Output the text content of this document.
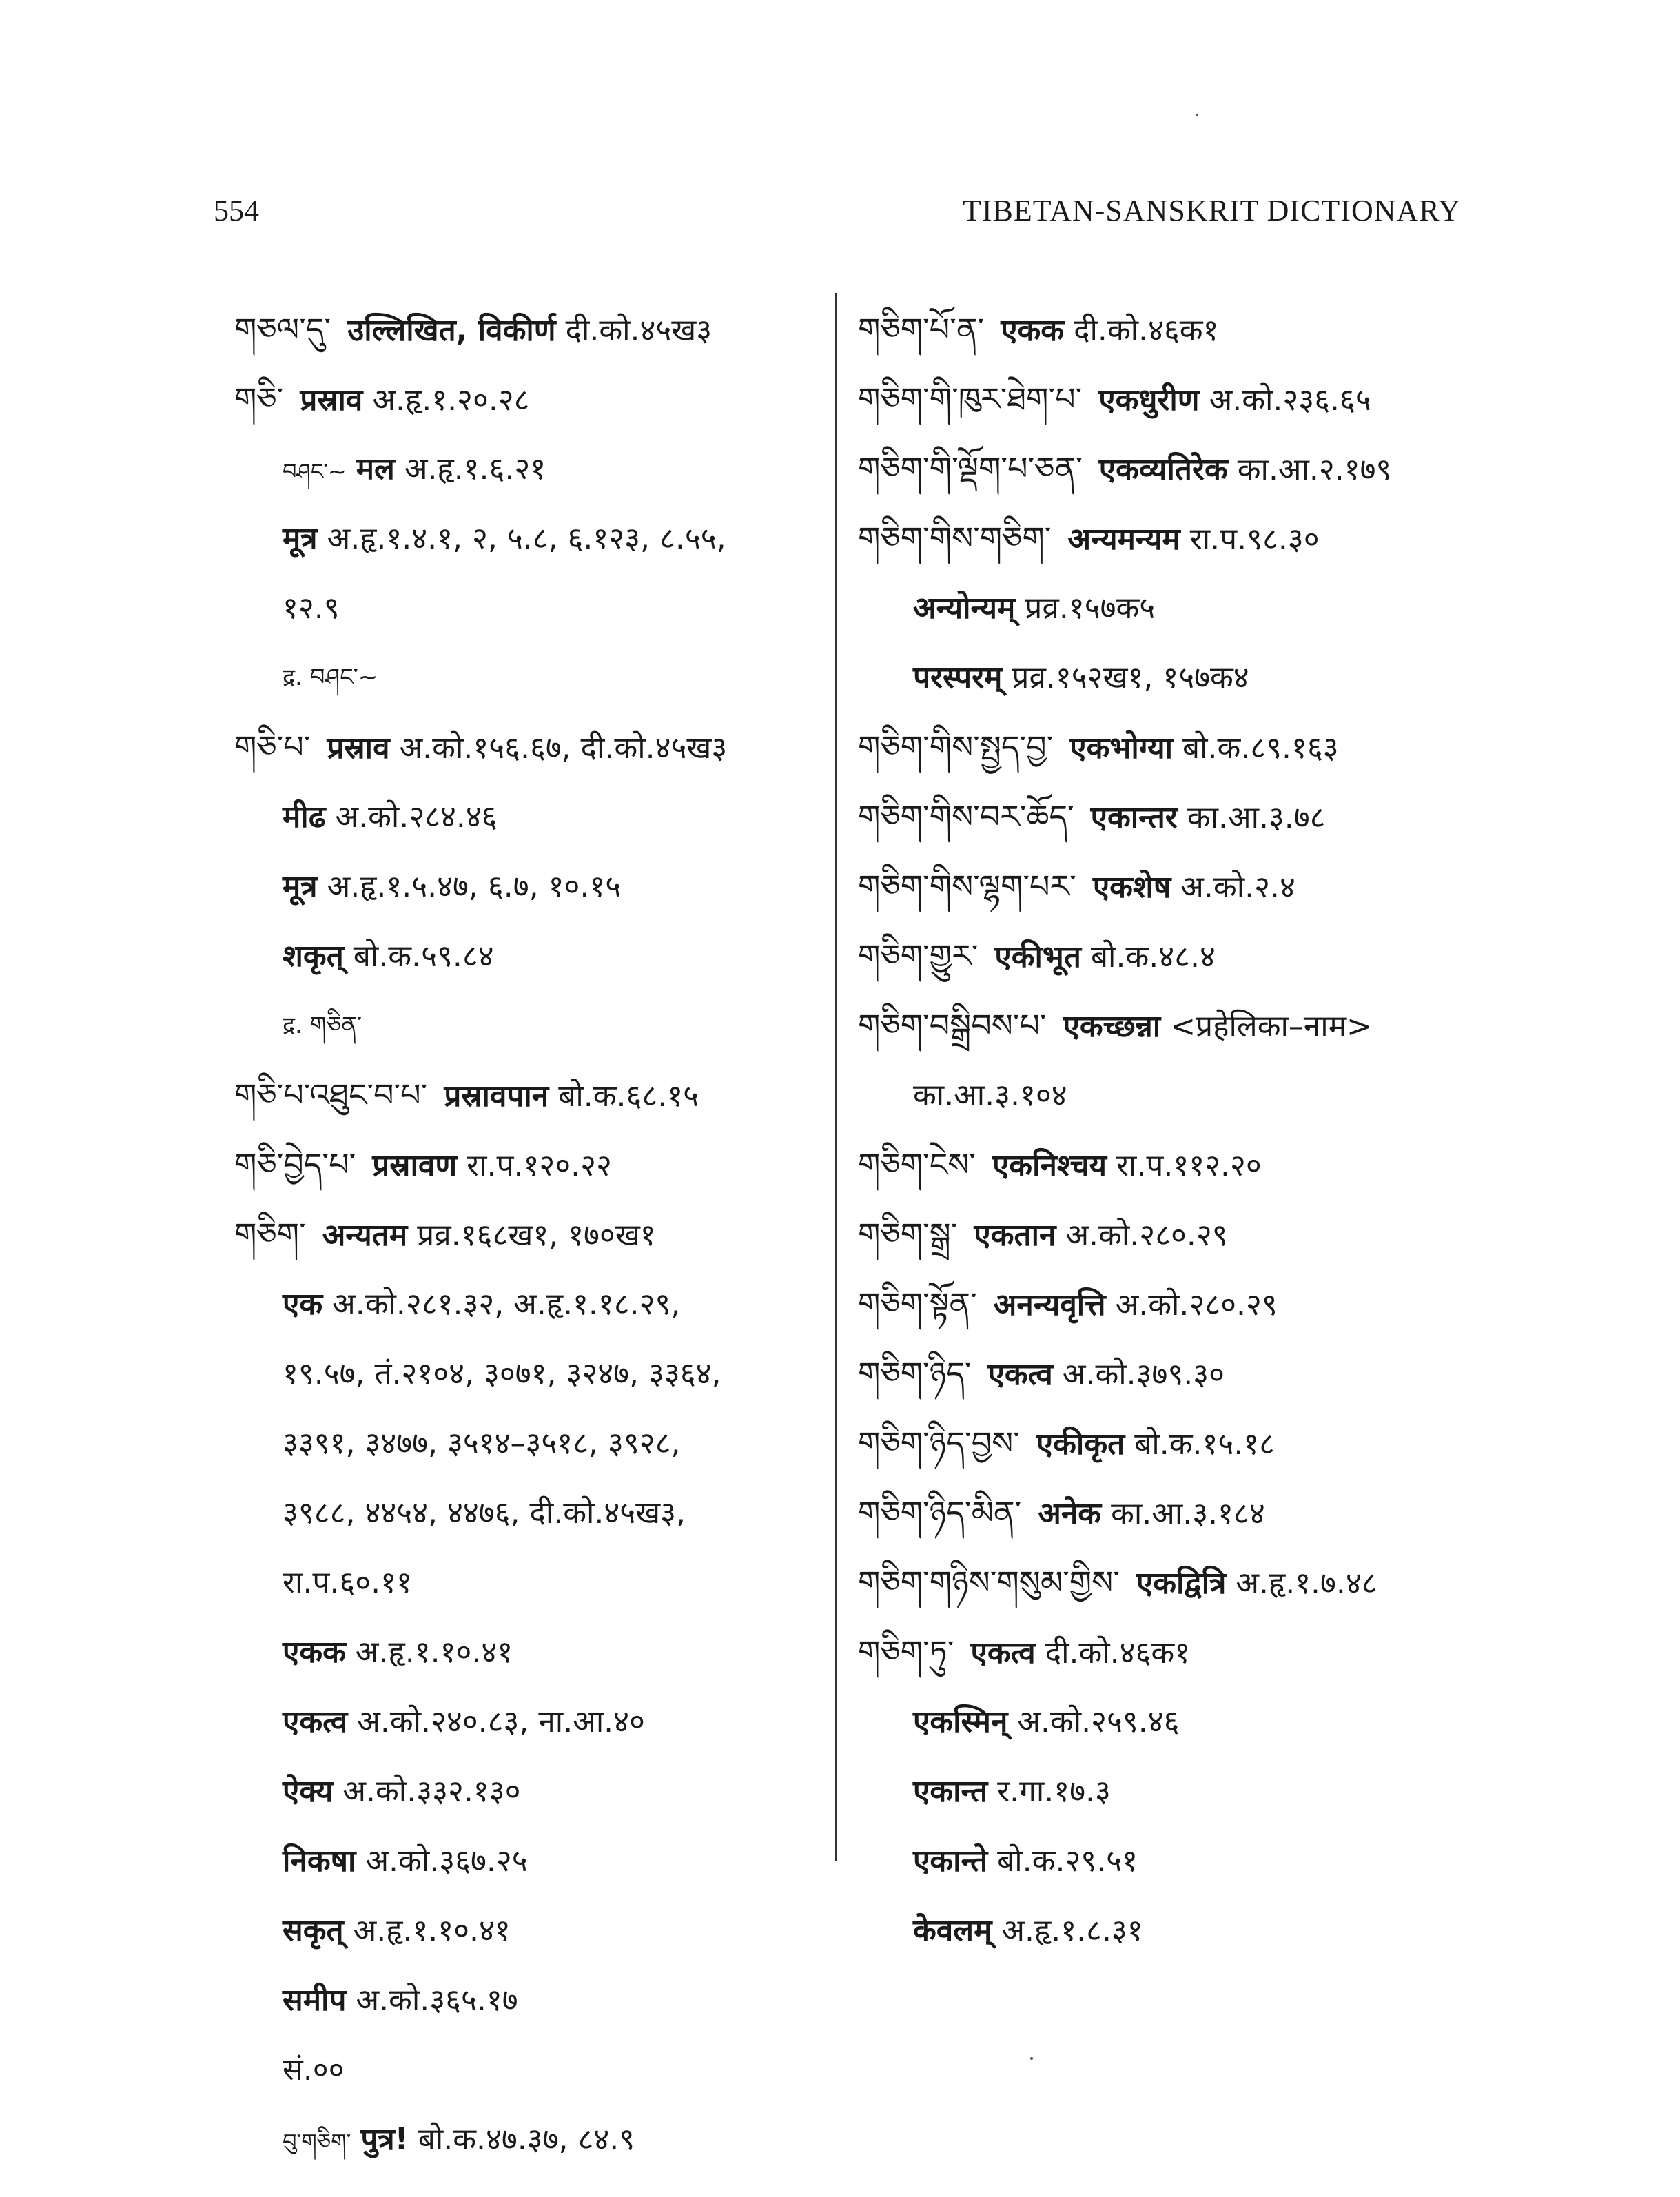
554	TIBETAN-SANSKRIT DICTIONARY
གཅལ་དུ་ उल्लिखित, विकीर्ण दी.को.४५ख३
གཅི་ प्रस्राव अ.हृ.१.२०.२८
བཤང་~ मल अ.हृ.१.६.२१
मूत्र अ.हृ.१.४.१, २, ५.८, ६.१२३, ८.५५,
१२.९
द्र. བཤང་~
གཅི་པ་ प्रस्राव अ.को.१५६.६७, दी.को.४५ख३
मीढ अ.को.२८४.४६
मूत्र अ.हृ.१.५.४७, ६.७, १०.१५
शकृत् बो.क.५९.८४
द्र. གཅིན་
གཅི་པ་འཐུང་བ་པ་ प्रस्रावपान बो.क.६८.१५
གཅི་བྱེད་པ་ प्रस्रावण रा.प.१२०.२२
གཅིག་ अन्यतम प्रव्र.१६८ख१, १७०ख१
एक अ.को.२८१.३२, अ.हृ.१.१८.२९,
१९.५७, तं.२१०४, ३०७१, ३२४७, ३३६४,
३३९१, ३४७७, ३५१४–३५१८, ३९२८,
३९८८, ४४५४, ४४७६, दी.को.४५ख३,
रा.प.६०.११
एकक अ.हृ.१.१०.४१
एकत्व अ.को.२४०.८३, ना.आ.४०
ऐक्य अ.को.३३२.१३०
निकषा अ.को.३६७.२५
सकृत् अ.हृ.१.१०.४१
समीप अ.को.३६५.१७
सं.००
བུ་གཅིག་ पुत्र! बो.क.४७.३७, ८४.९
གཅིག་པོ་ན་ एकक दी.को.४६क१
གཅིག་གི་ཁུར་ཐེག་པ་ एकधुरीण अ.को.२३६.६५
གཅིག་གི་ལྡོག་པ་ཅན་ एकव्यतिरेक का.आ.२.१७९
གཅིག་གིས་གཅིག་ अन्यमन्यम रा.प.९८.३०
अन्योन्यम् प्रव्र.१५७क५
परस्परम् प्रव्र.१५२ख१, १५७क४
གཅིག་གིས་སྤྱད་བྱ་ एकभोग्या बो.क.८९.१६३
གཅིག་གིས་བར་ཆོད་ एकान्तर का.आ.३.७८
གཅིག་གིས་ལྷག་པར་ एकशेष अ.को.२.४
གཅིག་གྱུར་ एकीभूत बो.क.४८.४
གཅིག་བསྒྲིབས་པ་ एकच्छन्ना <प्रहेलिका–नाम>
का.आ.३.१०४
གཅིག་ངེས་ एकनिश्चय रा.प.११२.२०
གཅིག་སྒྲ་ एकतान अ.को.२८०.२९
གཅིག་སྟོན་ अनन्यवृत्ति अ.को.२८०.२९
གཅིག་ཉིད་ एकत्व अ.को.३७९.३०
གཅིག་ཉིད་བྱས་ एकीकृत बो.क.१५.१८
གཅིག་ཉིད་མིན་ अनेक का.आ.३.१८४
གཅིག་གཉིས་གསུམ་གྱིས་ एकद्वित्रि अ.हृ.१.७.४८
གཅིག་ཏུ་ एकत्व दी.को.४६क१
एकस्मिन् अ.को.२५९.४६
एकान्त र.गा.१७.३
एकान्ते बो.क.२९.५१
केवलम् अ.हृ.१.८.३१
